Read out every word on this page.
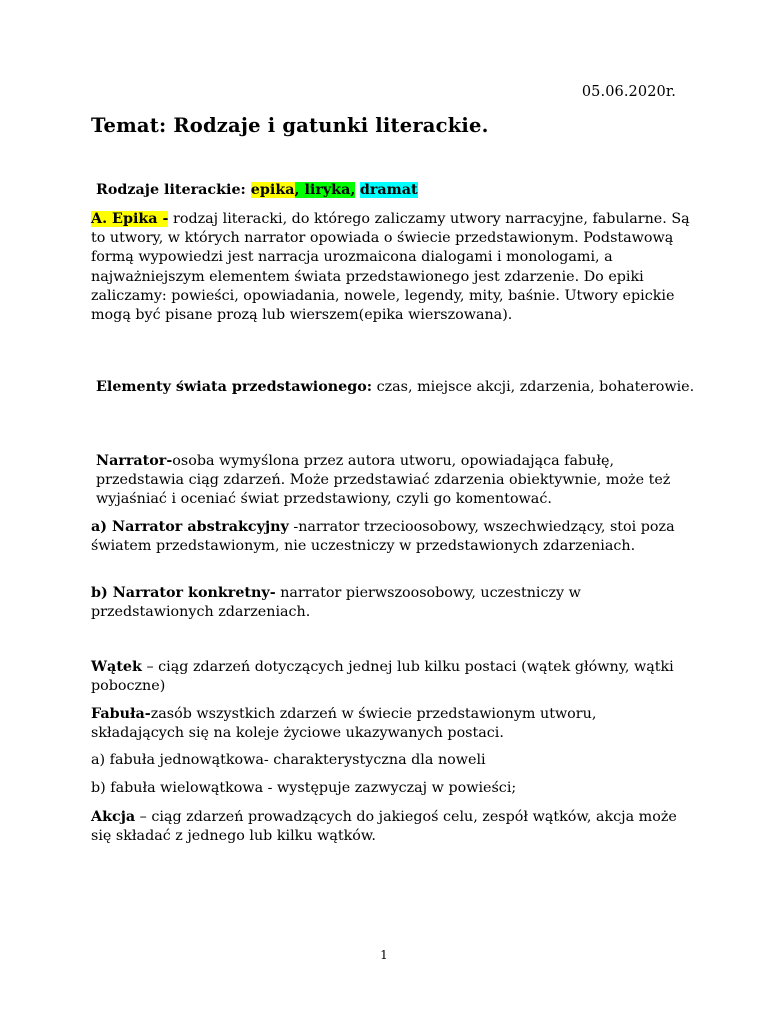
05.06.2020r.
Temat: Rodzaje i gatunki literackie.
Rodzaje literackie: epika, liryka, dramat
A. Epika - rodzaj literacki, do którego zaliczamy utwory narracyjne, fabularne. Są to utwory, w których narrator opowiada o świecie przedstawionym. Podstawową formą wypowiedzi jest narracja urozmaicona dialogami i monologami, a najważniejszym elementem świata przedstawionego jest zdarzenie. Do epiki zaliczamy: powieści, opowiadania, nowele, legendy, mity, baśnie. Utwory epickie mogą być pisane prozą lub wierszem(epika wierszowana).
Elementy świata przedstawionego: czas, miejsce akcji, zdarzenia, bohaterowie.
Narrator-osoba wymyślona przez autora utworu, opowiadająca fabułę, przedstawia ciąg zdarzeń. Może przedstawiać zdarzenia obiektywnie, może też wyjaśniać i oceniać świat przedstawiony, czyli go komentować.
a) Narrator abstrakcyjny -narrator trzecioosobowy, wszechwiedzący, stoi poza światem przedstawionym, nie uczestniczy w przedstawionych zdarzeniach.
b) Narrator konkretny- narrator pierwszoosobowy, uczestniczy w przedstawionych zdarzeniach.
Wątek – ciąg zdarzeń dotyczących jednej lub kilku postaci (wątek główny, wątki poboczne)
Fabuła-zasób wszystkich zdarzeń w świecie przedstawionym utworu, składających się na koleje życiowe ukazywanych postaci.
a) fabuła jednowątkowa- charakterystyczna dla noweli
b) fabuła wielowątkowa - występuje zazwyczaj w powieści;
Akcja – ciąg zdarzeń prowadzących do jakiegoś celu, zespół wątków, akcja może się składać z jednego lub kilku wątków.
1
